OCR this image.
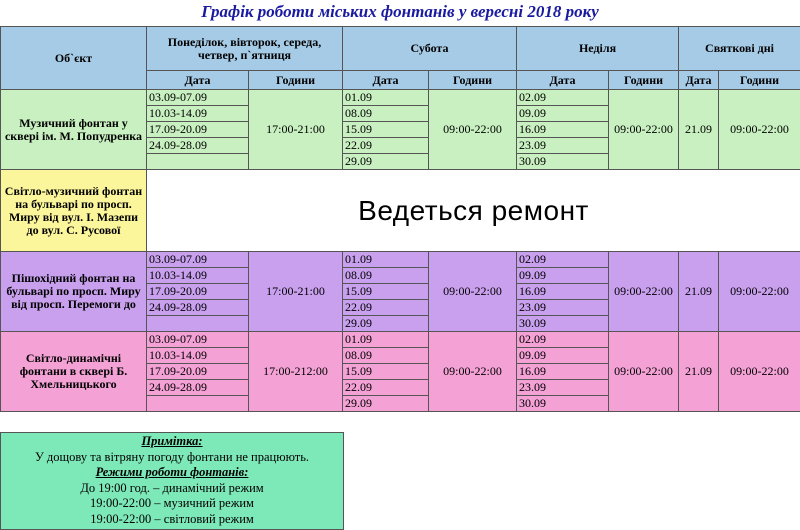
Графік роботи міських фонтанів у вересні 2018 року
Об`єкт	Понеділок, вівторок, середа, четвер, п`ятниця		Субота		Неділя		Святкові дні	
	Дата	Години	Дата	Години	Дата	Години	Дата	Години
Музичний фонтан у сквері ім. М. Попудренка	03.09-07.09	17:00-21:00	01.09	09:00-22:00	02.09	09:00-22:00	21.09	09:00-22:00
	10.03-14.09		08.09		09.09			
	17.09-20.09		15.09		16.09			
	24.09-28.09		22.09		23.09			
			29.09		30.09			
Світло-музичний фонтан на бульварі по просп. Миру від вул. І. Мазепи до вул. С. Русової	Ведеться ремонт							
Пішохідний фонтан на бульварі по просп. Миру від просп. Перемоги до	03.09-07.09	17:00-21:00	01.09	09:00-22:00	02.09	09:00-22:00	21.09	09:00-22:00
	10.03-14.09		08.09		09.09			
	17.09-20.09		15.09		16.09			
	24.09-28.09		22.09		23.09			
			29.09		30.09			
Світло-динамічні фонтани в сквері Б. Хмельницького	03.09-07.09	17:00-212:00	01.09	09:00-22:00	02.09	09:00-22:00	21.09	09:00-22:00
	10.03-14.09		08.09		09.09			
	17.09-20.09		15.09		16.09			
	24.09-28.09		22.09		23.09			
			29.09		30.09			
Примітка:
У дощову та вітряну погоду фонтани не працюють.
Режими роботи фонтанів:
До 19:00 год. – динамічний режим
19:00-22:00 – музичний режим
19:00-22:00 – світловий режим
